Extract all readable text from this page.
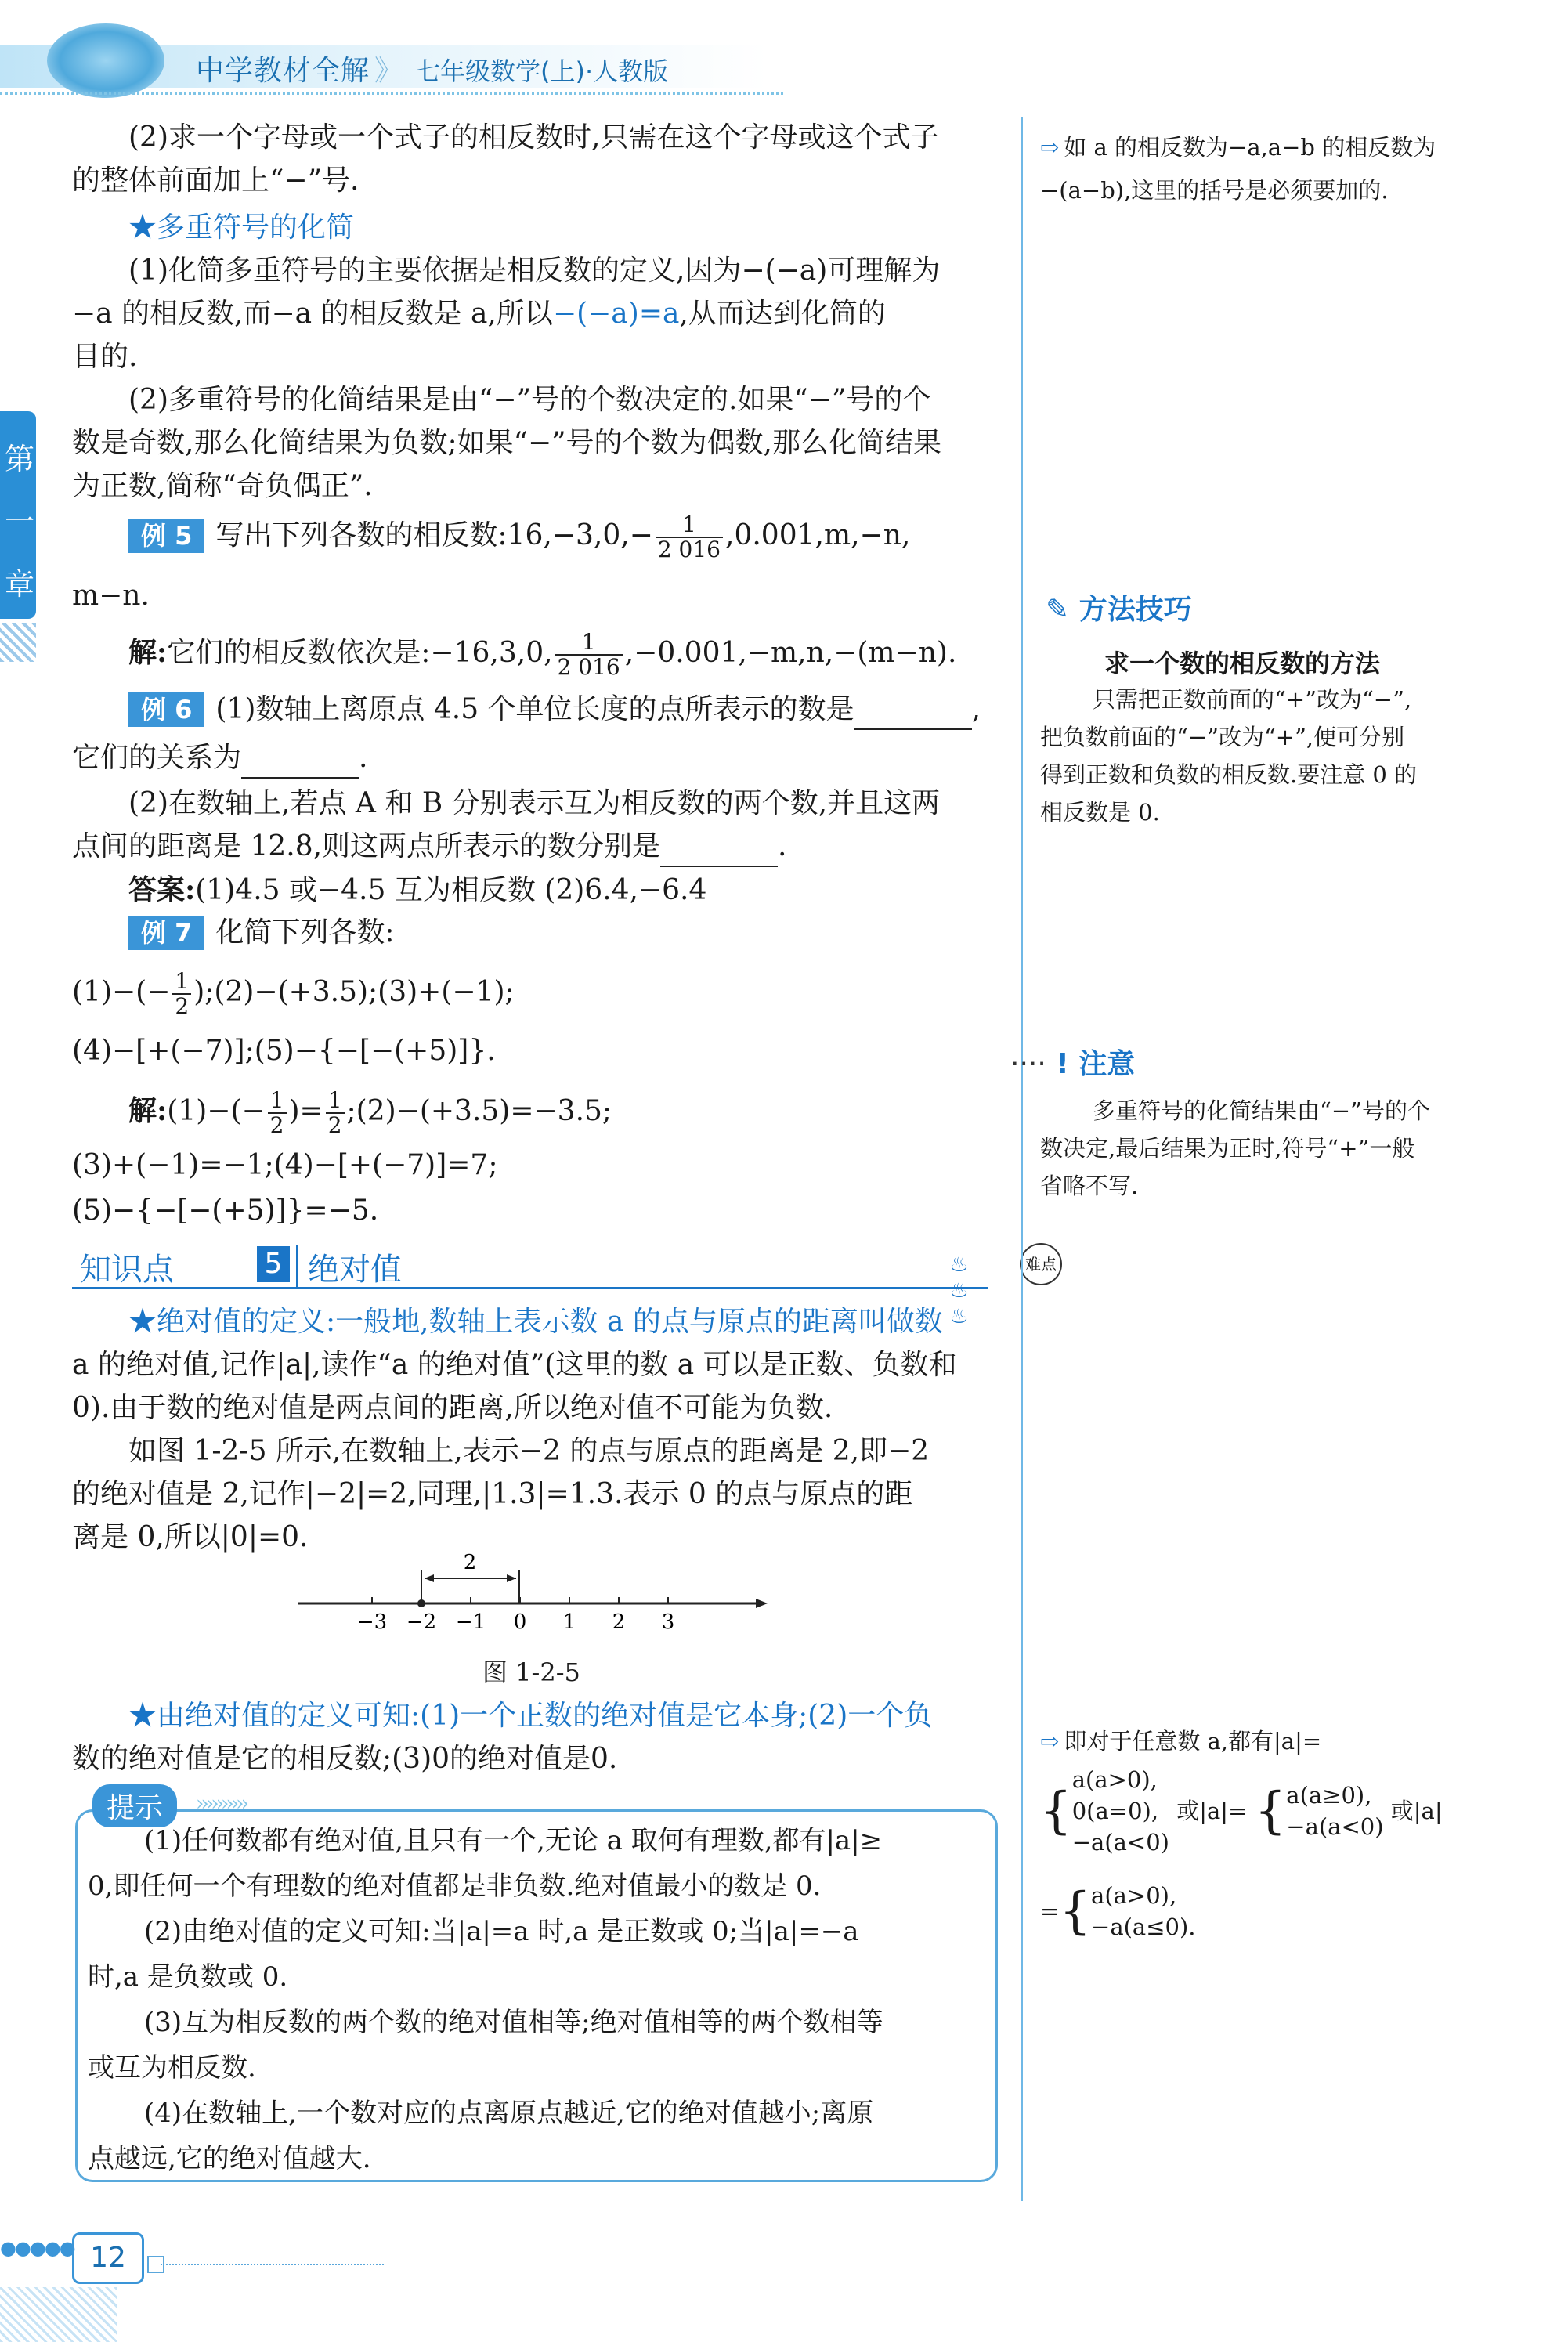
中学教材全解 》 七年级数学(上)·人教版
第
一
章
(2)求一个字母或一个式子的相反数时,只需在这个字母或这个式子
的整体前面加上“−”号.
★多重符号的化简
(1)化简多重符号的主要依据是相反数的定义,因为−(−a)可理解为
−a 的相反数,而−a 的相反数是 a,所以−(−a)=a,从而达到化简的
目的.
(2)多重符号的化简结果是由“−”号的个数决定的.如果“−”号的个
数是奇数,那么化简结果为负数;如果“−”号的个数为偶数,那么化简结果
为正数,简称“奇负偶正”.
例 5 写出下列各数的相反数:16,−3,0,− $\frac{1}{2 016} ,0.001,m,-n$,
m−n.
解:它们的相反数依次是:−16,3,0, $\frac{1}{2 016} ,-0.001,-m,n,-(m-n)$.
例 6 (1)数轴上离原点 4.5 个单位长度的点所表示的数是	,
它们的关系为	.
(2)在数轴上,若点 A 和 B 分别表示互为相反数的两个数,并且这两
点间的距离是 12.8,则这两点所表示的数分别是	.
答案:(1)4.5 或−4.5 互为相反数 (2)6.4,−6.4
例 7 化简下列各数:
$(1)-(- \frac{1}{2}$ );(2)−(+3.5);(3)+(−1);
(4)−[+(−7)];(5)−{−[−(+5)]}.
解:(1)−(− $\frac{1}{2}$ )= $\frac{1}{2}$ ;(2)−(+3.5)=−3.5;
(3)+(−1)=−1;(4)−[+(−7)]=7;
(5)−{−[−(+5)]}=−5.
知识点	5 绝对值	♨♨♨
难点
★绝对值的定义:一般地,数轴上表示数 a 的点与原点的距离叫做数
a 的绝对值,记作|a|,读作“a 的绝对值”(这里的数 a 可以是正数、负数和
0).由于数的绝对值是两点间的距离,所以绝对值不可能为负数.
如图 1-2-5 所示,在数轴上,表示−2 的点与原点的距离是 2,即−2
的绝对值是 2,记作|−2|=2,同理,|1.3|=1.3.表示 0 的点与原点的距
离是 0,所以|0|=0.
−3 −2 −1 0 1 2 3
2
图 1-2-5
★由绝对值的定义可知:(1)一个正数的绝对值是它本身;(2)一个负
数的绝对值是它的相反数;(3)0的绝对值是0.
提示	››››››››››
(1)任何数都有绝对值,且只有一个,无论 a 取何有理数,都有|a|≥
0,即任何一个有理数的绝对值都是非负数.绝对值最小的数是 0.
(2)由绝对值的定义可知:当|a|=a 时,a 是正数或 0;当|a|=−a
时,a 是负数或 0.
(3)互为相反数的两个数的绝对值相等;绝对值相等的两个数相等
或互为相反数.
(4)在数轴上,一个数对应的点离原点越近,它的绝对值越小;离原
点越远,它的绝对值越大.
⇨ 如 a 的相反数为−a,a−b 的相反数为
−(a−b),这里的括号是必须要加的.
✎ 方法技巧
求一个数的相反数的方法
只需把正数前面的“+”改为“−”,
把负数前面的“−”改为“+”,便可分别
得到正数和负数的相反数.要注意 0 的
相反数是 0.
···· ! 注意
多重符号的化简结果由“−”号的个
数决定,最后结果为正时,符号“+”一般
省略不写.
⇨ 即对于任意数 a,都有|a|=
{a(a>0),
0(a=0),
−a(a<0) 或|a|= {a(a≥0),
−a(a<0) 或|a|
={a(a>0),
−a(a≤0).
●●●●● 12
